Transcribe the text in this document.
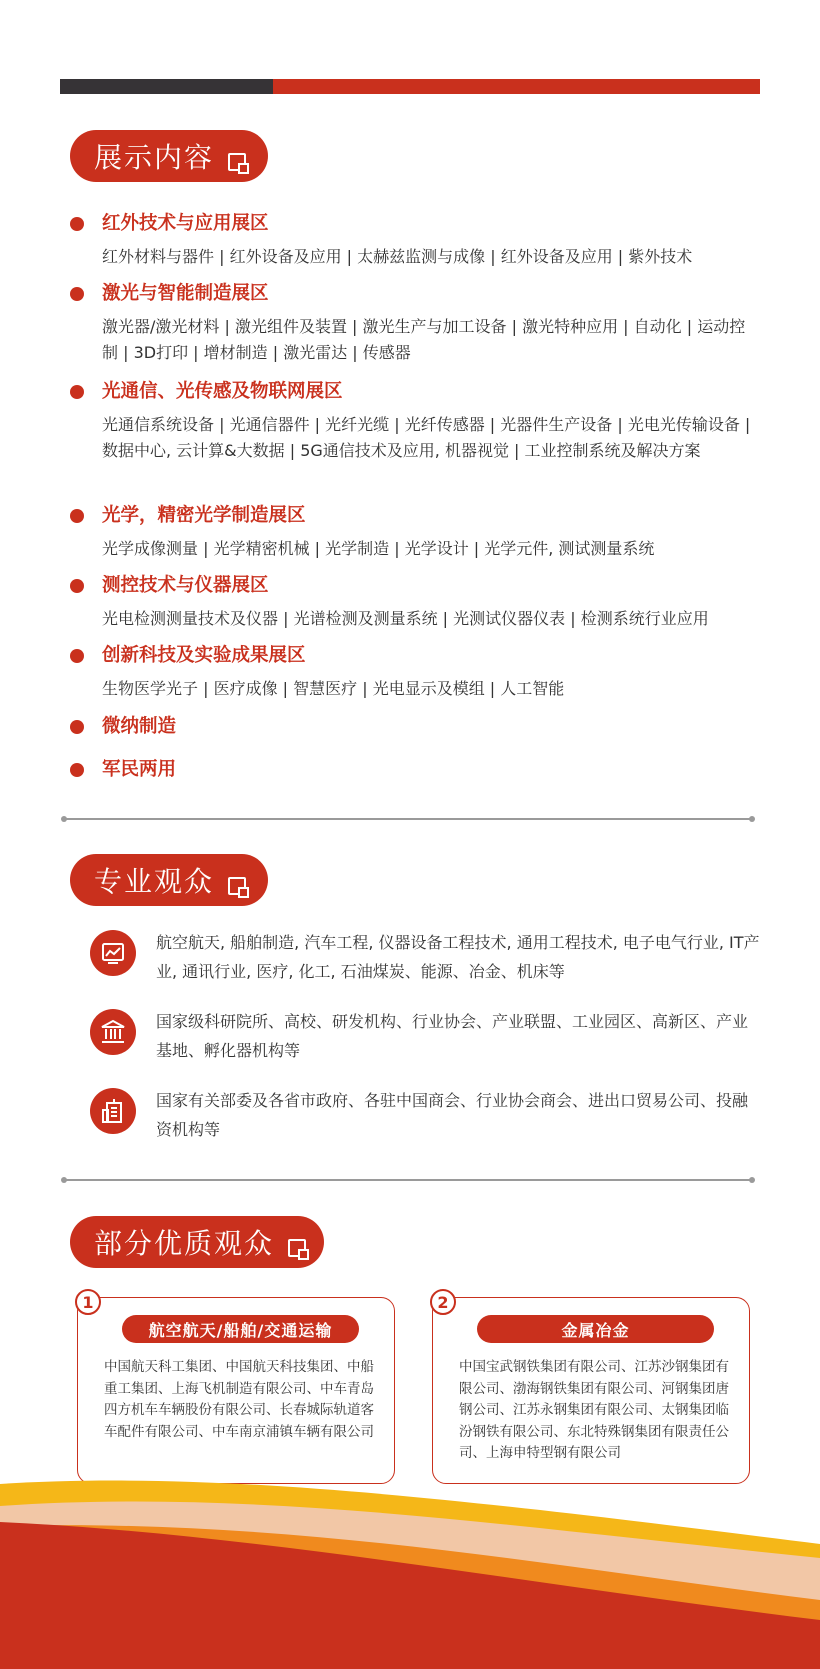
展示内容
红外技术与应用展区

红外材料与器件 | 红外设备及应用 | 太赫兹监测与成像 | 红外设备及应用 | 紫外技术

激光与智能制造展区

激光器/激光材料 | 激光组件及装置 | 激光生产与加工设备 | 激光特种应用 | 自动化 | 运动控制 | 3D打印 | 增材制造 | 激光雷达 | 传感器

光通信、光传感及物联网展区

光通信系统设备 | 光通信器件 | 光纤光缆 | 光纤传感器 | 光器件生产设备 | 光电光传输设备 | 数据中心, 云计算&大数据 | 5G通信技术及应用, 机器视觉 | 工业控制系统及解决方案

光学，精密光学制造展区

光学成像测量 | 光学精密机械 | 光学制造 | 光学设计 | 光学元件, 测试测量系统

测控技术与仪器展区

光电检测测量技术及仪器 | 光谱检测及测量系统 | 光测试仪器仪表 | 检测系统行业应用

创新科技及实验成果展区

生物医学光子 | 医疗成像 | 智慧医疗 | 光电显示及模组 | 人工智能

微纳制造
军民两用
专业观众

航空航天, 船舶制造, 汽车工程, 仪器设备工程技术, 通用工程技术, 电子电气行业, IT产业, 通讯行业, 医疗, 化工, 石油煤炭、能源、冶金、机床等

国家级科研院所、高校、研发机构、行业协会、产业联盟、工业园区、高新区、产业基地、孵化器机构等

国家有关部委及各省市政府、各驻中国商会、行业协会商会、进出口贸易公司、投融资机构等

部分优质观众
1
航空航天/船舶/交通运输
中国航天科工集团、中国航天科技集团、中船重工集团、上海飞机制造有限公司、中车青岛四方机车车辆股份有限公司、长春城际轨道客车配件有限公司、中车南京浦镇车辆有限公司
2
金属冶金
中国宝武钢铁集团有限公司、江苏沙钢集团有限公司、渤海钢铁集团有限公司、河钢集团唐钢公司、江苏永钢集团有限公司、太钢集团临汾钢铁有限公司、东北特殊钢集团有限责任公司、上海申特型钢有限公司
